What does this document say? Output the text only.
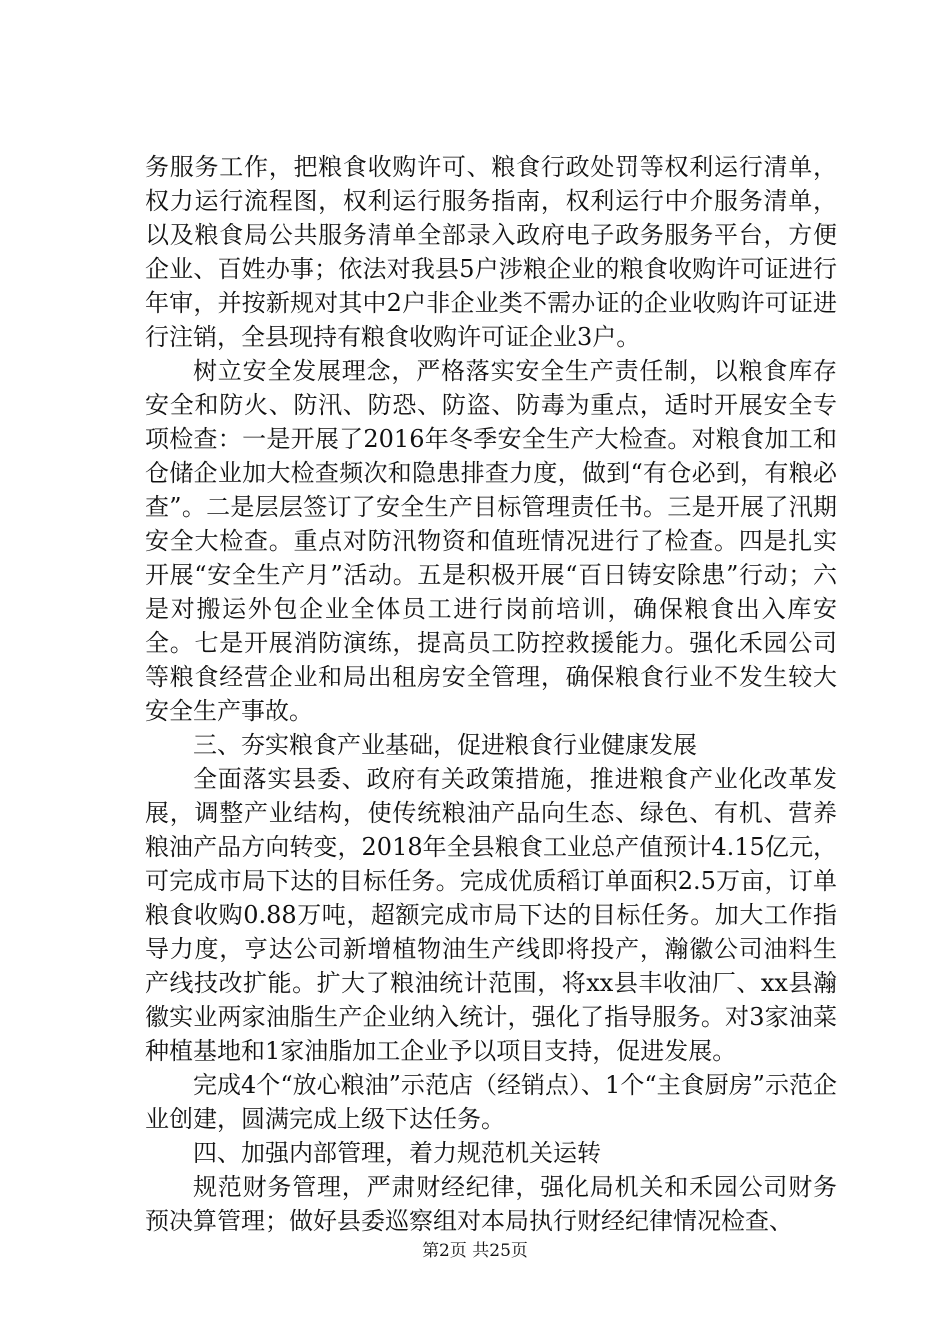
务服务工作，把粮食收购许可、粮食行政处罚等权利运行清单，权力运行流程图，权利运行服务指南，权利运行中介服务清单，以及粮食局公共服务清单全部录入政府电子政务服务平台，方便企业、百姓办事；依法对我县5户涉粮企业的粮食收购许可证进行年审，并按新规对其中2户非企业类不需办证的企业收购许可证进行注销，全县现持有粮食收购许可证企业3户。

树立安全发展理念，严格落实安全生产责任制，以粮食库存安全和防火、防汛、防恐、防盗、防毒为重点，适时开展安全专项检查：一是开展了2016年冬季安全生产大检查。对粮食加工和仓储企业加大检查频次和隐患排查力度，做到“有仓必到，有粮必查”。二是层层签订了安全生产目标管理责任书。三是开展了汛期安全大检查。重点对防汛物资和值班情况进行了检查。四是扎实开展“安全生产月”活动。五是积极开展“百日铸安除患”行动；六是对搬运外包企业全体员工进行岗前培训，确保粮食出入库安全。七是开展消防演练，提高员工防控救援能力。强化禾园公司等粮食经营企业和局出租房安全管理，确保粮食行业不发生较大安全生产事故。

三、夯实粮食产业基础，促进粮食行业健康发展

全面落实县委、政府有关政策措施，推进粮食产业化改革发展，调整产业结构，使传统粮油产品向生态、绿色、有机、营养粮油产品方向转变，2018年全县粮食工业总产值预计4.15亿元，可完成市局下达的目标任务。完成优质稻订单面积2.5万亩，订单粮食收购0.88万吨，超额完成市局下达的目标任务。加大工作指导力度，亨达公司新增植物油生产线即将投产，瀚徽公司油料生产线技改扩能。扩大了粮油统计范围，将xx县丰收油厂、xx县瀚徽实业两家油脂生产企业纳入统计，强化了指导服务。对3家油菜种植基地和1家油脂加工企业予以项目支持，促进发展。

完成4个“放心粮油”示范店（经销点）、1个“主食厨房”示范企业创建，圆满完成上级下达任务。

四、加强内部管理，着力规范机关运转

规范财务管理，严肃财经纪律，强化局机关和禾园公司财务预决算管理；做好县委巡察组对本局执行财经纪律情况检查、

第2页 共25页
